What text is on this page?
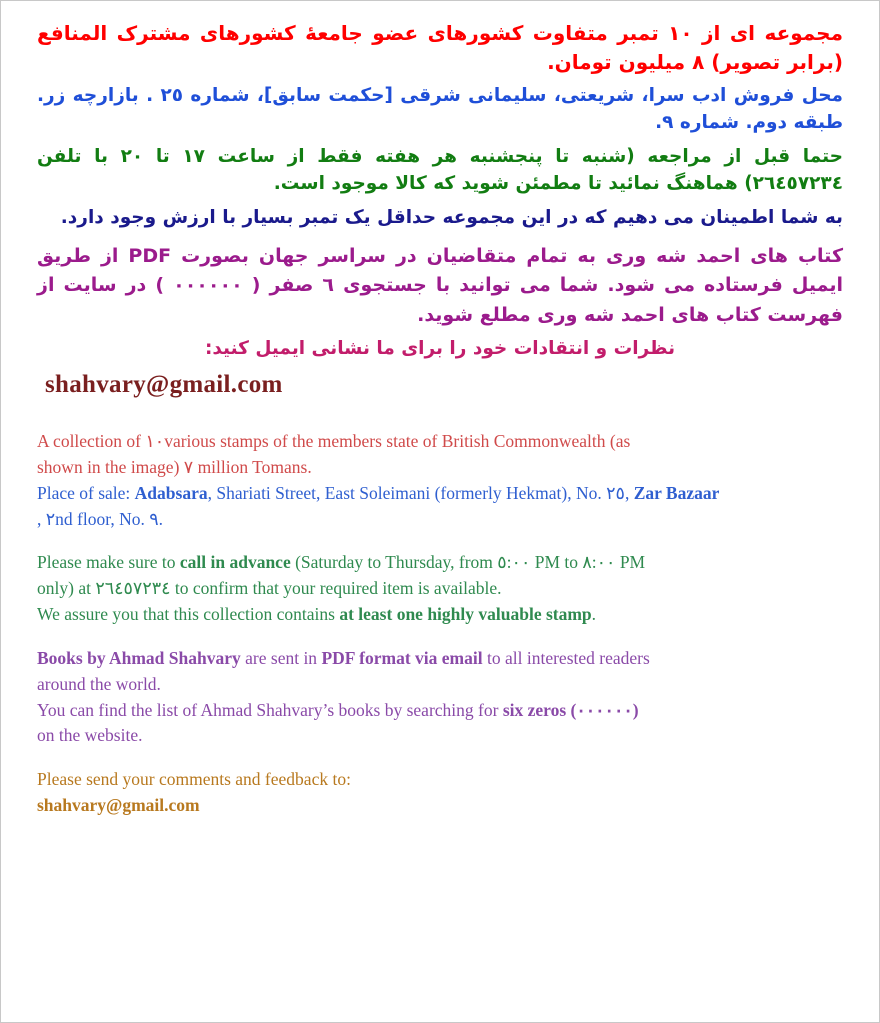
مجموعه ای از ١٠ تمبر متفاوت کشورهای عضو جامعهٔ کشورهای مشترک المنافع (برابر تصویر) ٨ میلیون تومان.

محل فروش ادب سرا، شریعتی، سلیمانی شرقی [حکمت سابق]، شماره ٢٥ . بازارچه زر. طبقه دوم. شماره ٩.

حتما قبل از مراجعه (شنبه تا پنجشنبه هر هفته فقط از ساعت ١٧ تا ٢٠ با تلفن ٢٦٤٥٧٢٣٤) هماهنگ نمائید تا مطمئن شوید که کالا موجود است.

به شما اطمینان می دهیم که در این مجموعه حداقل یک تمبر بسیار با ارزش وجود دارد.

کتاب های احمد شه وری به تمام متقاضیان در سراسر جهان بصورت PDF از طریق ایمیل فرستاده می شود. شما می توانید با جستجوی ٦ صفر ( ٠٠٠٠٠٠ ) در سایت از فهرست کتاب های احمد شه وری مطلع شوید.

نظرات و انتقادات خود را برای ما نشانی ایمیل کنید:

shahvary@gmail.com

A collection of ١٠various stamps of the members state of British Commonwealth (as

shown in the image) ٧ million Tomans.

Place of sale: Adabsara, Shariati Street, East Soleimani (formerly Hekmat), No. ٢٥, Zar Bazaar

, ٢nd floor, No. ٩.

Please make sure to call in advance (Saturday to Thursday, from ٥:٠٠ PM to ٨:٠٠ PM

only) at ٢٦٤٥٧٢٣٤ to confirm that your required item is available.

We assure you that this collection contains at least one highly valuable stamp.

Books by Ahmad Shahvary are sent in PDF format via email to all interested readers

around the world.

You can find the list of Ahmad Shahvary’s books by searching for six zeros (٠٠٠٠٠٠)

on the website.

Please send your comments and feedback to:

shahvary@gmail.com
